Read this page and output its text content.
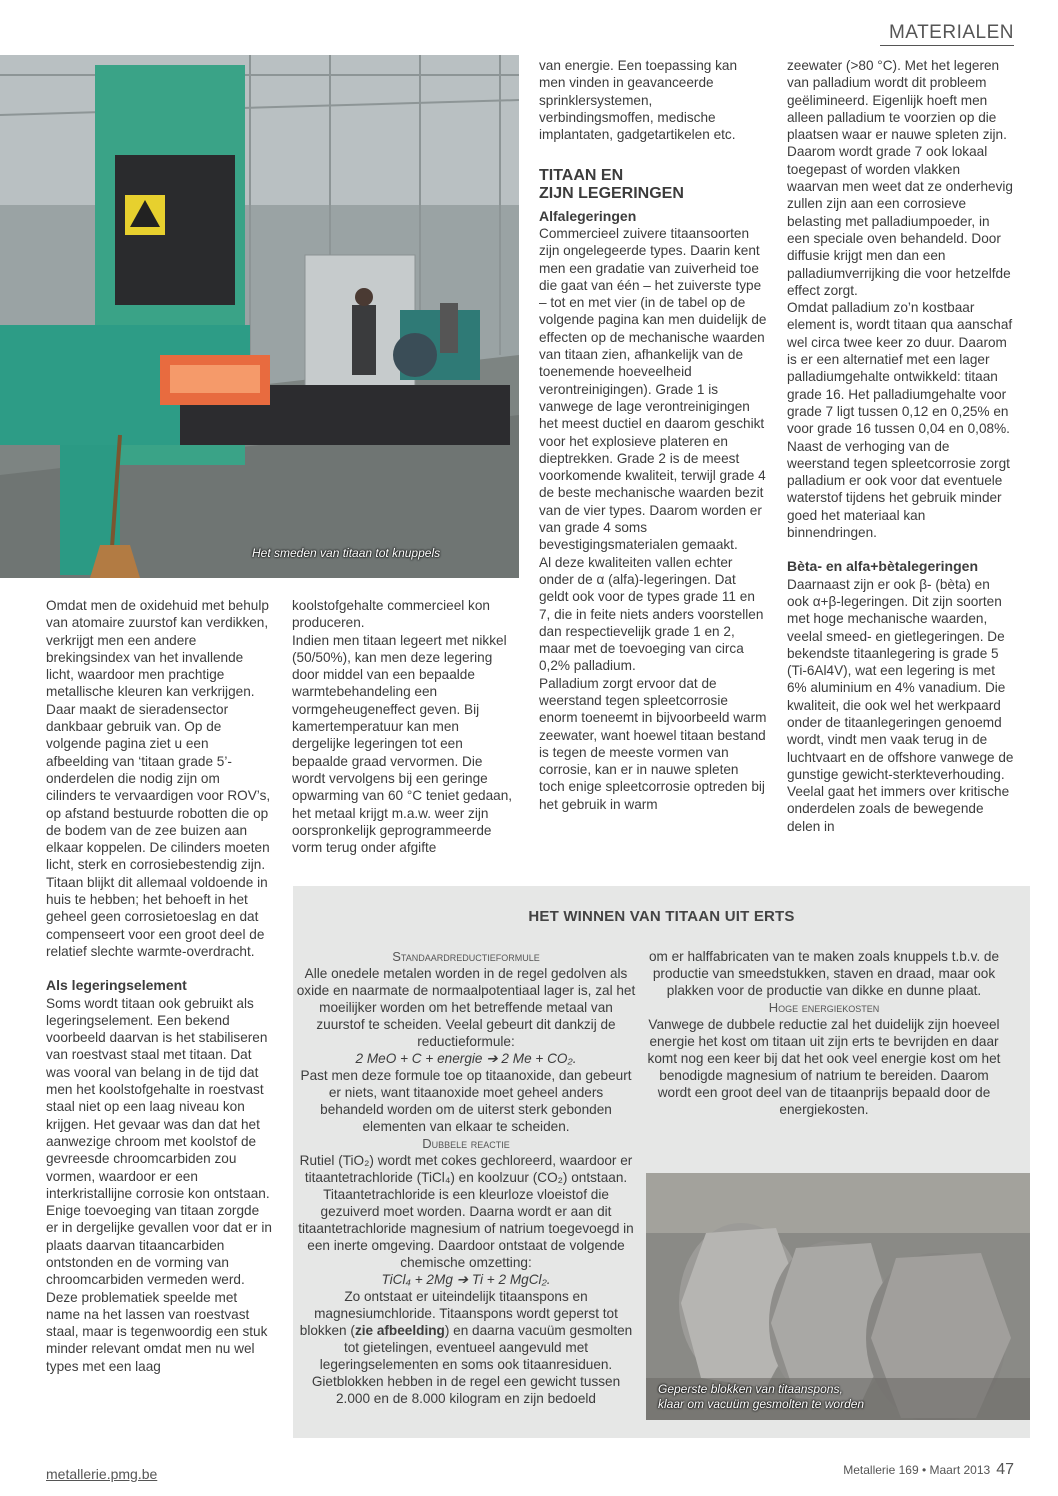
MATERIALEN
Het smeden van titaan tot knuppels

Omdat men de oxidehuid met behulp van atomaire zuurstof kan verdikken, verkrijgt men een andere brekingsindex van het invallende licht, waardoor men prachtige metallische kleuren kan verkrijgen. Daar maakt de sieradensector dankbaar gebruik van. Op de volgende pagina ziet u een afbeelding van ‘titaan grade 5’-onderdelen die nodig zijn om cilinders te vervaardigen voor ROV’s, op afstand bestuurde robotten die op de bodem van de zee buizen aan elkaar koppelen. De cilinders moeten licht, sterk en corrosiebestendig zijn. Titaan blijkt dit allemaal voldoende in huis te hebben; het behoeft in het geheel geen corrosietoeslag en dat compenseert voor een groot deel de relatief slechte warmte-overdracht.

Als legeringselement

Soms wordt titaan ook gebruikt als legeringselement. Een bekend voorbeeld daarvan is het stabiliseren van roestvast staal met titaan. Dat was vooral van belang in de tijd dat men het koolstofgehalte in roestvast staal niet op een laag niveau kon krijgen. Het gevaar was dan dat het aanwezige chroom met koolstof de gevreesde chroomcarbiden zou vormen, waardoor er een interkristallijne corrosie kon ontstaan. Enige toevoeging van titaan zorgde er in dergelijke gevallen voor dat er in plaats daarvan titaancarbiden ontstonden en de vorming van chroomcarbiden vermeden werd. Deze problematiek speelde met name na het lassen van roestvast staal, maar is tegenwoordig een stuk minder relevant omdat men nu wel types met een laag

koolstofgehalte commercieel kon produceren.

Indien men titaan legeert met nikkel (50/50%), kan men deze legering door middel van een bepaalde warmtebehandeling een vormgeheugeneffect geven. Bij kamertemperatuur kan men dergelijke legeringen tot een bepaalde graad vervormen. Die wordt vervolgens bij een geringe opwarming van 60 °C teniet gedaan, het metaal krijgt m.a.w. weer zijn oorspronkelijk geprogrammeerde vorm terug onder afgifte

van energie. Een toepassing kan men vinden in geavanceerde sprinklersystemen, verbindingsmoffen, medische implantaten, gadgetartikelen etc.

TITAAN EN
ZIJN LEGERINGEN
Alfalegeringen

Commercieel zuivere titaansoorten zijn ongelegeerde types. Daarin kent men een gradatie van zuiverheid toe die gaat van één – het zuiverste type – tot en met vier (in de tabel op de volgende pagina kan men duidelijk de effecten op de mechanische waarden van titaan zien, afhankelijk van de toenemende hoeveelheid verontreinigingen). Grade 1 is vanwege de lage verontreinigingen het meest ductiel en daarom geschikt voor het explosieve plateren en dieptrekken. Grade 2 is de meest voorkomende kwaliteit, terwijl grade 4 de beste mechanische waarden bezit van de vier types. Daarom worden er van grade 4 soms bevestigingsmaterialen gemaakt.

Al deze kwaliteiten vallen echter onder de α (alfa)-legeringen. Dat geldt ook voor de types grade 11 en 7, die in feite niets anders voorstellen dan respectievelijk grade 1 en 2, maar met de toevoeging van circa 0,2% palladium.

Palladium zorgt ervoor dat de weerstand tegen spleetcorrosie enorm toeneemt in bijvoorbeeld warm zeewater, want hoewel titaan bestand is tegen de meeste vormen van corrosie, kan er in nauwe spleten toch enige spleetcorrosie optreden bij het gebruik in warm

zeewater (>80 °C). Met het legeren van palladium wordt dit probleem geëlimineerd. Eigenlijk hoeft men alleen palladium te voorzien op die plaatsen waar er nauwe spleten zijn. Daarom wordt grade 7 ook lokaal toegepast of worden vlakken waarvan men weet dat ze onderhevig zullen zijn aan een corrosieve belasting met palladiumpoeder, in een speciale oven behandeld. Door diffusie krijgt men dan een palladiumverrijking die voor hetzelfde effect zorgt.

Omdat palladium zo’n kostbaar element is, wordt titaan qua aanschaf wel circa twee keer zo duur. Daarom is er een alternatief met een lager palladiumgehalte ontwikkeld: titaan grade 16. Het palladiumgehalte voor grade 7 ligt tussen 0,12 en 0,25% en voor grade 16 tussen 0,04 en 0,08%.

Naast de verhoging van de weerstand tegen spleetcorrosie zorgt palladium er ook voor dat eventuele waterstof tijdens het gebruik minder goed het materiaal kan binnendringen.

Bèta- en alfa+bètalegeringen

Daarnaast zijn er ook β- (bèta) en ook α+β-legeringen. Dit zijn soorten met hoge mechanische waarden, veelal smeed- en gietlegeringen. De bekendste titaanlegering is grade 5 (Ti-6Al4V), wat een legering is met 6% aluminium en 4% vanadium. Die kwaliteit, die ook wel het werkpaard onder de titaanlegeringen genoemd wordt, vindt men vaak terug in de luchtvaart en de offshore vanwege de gunstige gewicht-sterkteverhouding. Veelal gaat het immers over kritische onderdelen zoals de bewegende delen in

HET WINNEN VAN TITAAN UIT ERTS
Standaardreductieformule

Alle onedele metalen worden in de regel gedolven als oxide en naarmate de normaalpotentiaal lager is, zal het moeilijker worden om het betreffende metaal van zuurstof te scheiden. Veelal gebeurt dit dankzij de reductieformule:

2 MeO + C + energie ➔ 2 Me + CO₂.

Past men deze formule toe op titaanoxide, dan gebeurt er niets, want titaanoxide moet geheel anders behandeld worden om de uiterst sterk gebonden elementen van elkaar te scheiden.

Dubbele reactie

Rutiel (TiO₂) wordt met cokes gechloreerd, waardoor er titaantetrachloride (TiCl₄) en koolzuur (CO₂) ontstaan. Titaantetrachloride is een kleurloze vloeistof die gezuiverd moet worden. Daarna wordt er aan dit titaantetrachloride magnesium of natrium toegevoegd in een inerte omgeving. Daardoor ontstaat de volgende chemische omzetting:

TiCl₄ + 2Mg ➔ Ti + 2 MgCl₂.

Zo ontstaat er uiteindelijk titaanspons en magnesiumchloride. Titaanspons wordt geperst tot blokken (zie afbeelding) en daarna vacuüm gesmolten tot gietelingen, eventueel aangevuld met legeringselementen en soms ook titaanresiduen. Gietblokken hebben in de regel een gewicht tussen 2.000 en de 8.000 kilogram en zijn bedoeld

om er halffabricaten van te maken zoals knuppels t.b.v. de productie van smeedstukken, staven en draad, maar ook plakken voor de productie van dikke en dunne plaat.

Hoge energiekosten

Vanwege de dubbele reductie zal het duidelijk zijn hoeveel energie het kost om titaan uit zijn erts te bevrijden en daar komt nog een keer bij dat het ook veel energie kost om het benodigde magnesium of natrium te bereiden. Daarom wordt een groot deel van de titaanprijs bepaald door de energiekosten.

Geperste blokken van titaanspons,
klaar om vacuüm gesmolten te worden
metallerie.pmg.be	Metallerie 169 • Maart 2013 47
